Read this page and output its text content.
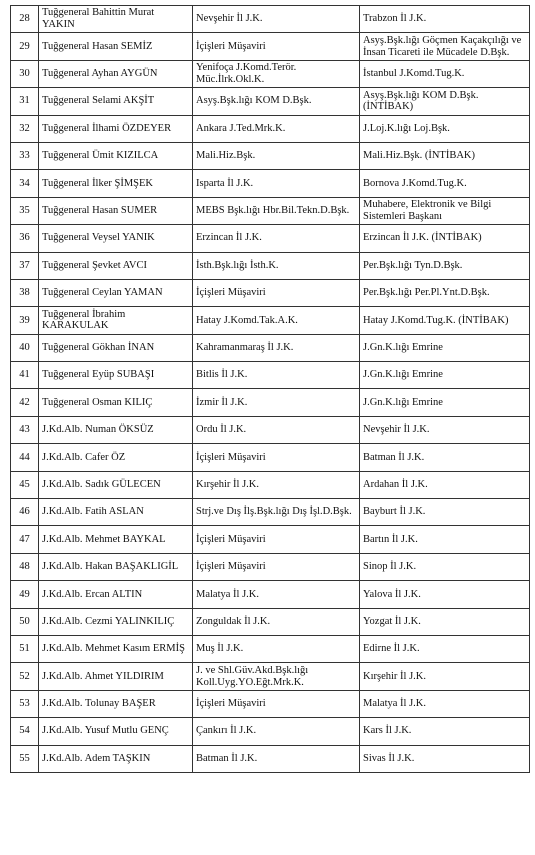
28	Tuğgeneral Bahittin Murat YAKIN	Nevşehir İl J.K.	Trabzon İl J.K.
29	Tuğgeneral Hasan SEMİZ	İçişleri Müşaviri	Asyş.Bşk.lığı Göçmen Kaçakçılığı ve İnsan Ticareti ile Mücadele D.Bşk.
30	Tuğgeneral Ayhan AYGÜN	Yenifoça J.Komd.Terör. Müc.İlrk.Okl.K.	İstanbul J.Komd.Tug.K.
31	Tuğgeneral Selami AKŞİT	Asyş.Bşk.lığı KOM D.Bşk.	Asyş.Bşk.lığı KOM D.Bşk. (İNTİBAK)
32	Tuğgeneral İlhami ÖZDEYER	Ankara J.Ted.Mrk.K.	J.Loj.K.lığı Loj.Bşk.
33	Tuğgeneral Ümit KIZILCA	Mali.Hiz.Bşk.	Mali.Hiz.Bşk. (İNTİBAK)
34	Tuğgeneral İlker ŞİMŞEK	Isparta İl J.K.	Bornova J.Komd.Tug.K.
35	Tuğgeneral Hasan SUMER	MEBS Bşk.lığı Hbr.Bil.Tekn.D.Bşk.	Muhabere, Elektronik ve Bilgi Sistemleri Başkanı
36	Tuğgeneral Veysel YANIK	Erzincan İl J.K.	Erzincan İl J.K. (İNTİBAK)
37	Tuğgeneral Şevket AVCI	İsth.Bşk.lığı İsth.K.	Per.Bşk.lığı Tyn.D.Bşk.
38	Tuğgeneral Ceylan YAMAN	İçişleri Müşaviri	Per.Bşk.lığı Per.Pl.Ynt.D.Bşk.
39	Tuğgeneral İbrahim KARAKULAK	Hatay J.Komd.Tak.A.K.	Hatay J.Komd.Tug.K. (İNTİBAK)
40	Tuğgeneral Gökhan İNAN	Kahramanmaraş İl J.K.	J.Gn.K.lığı Emrine
41	Tuğgeneral Eyüp SUBAŞI	Bitlis İl J.K.	J.Gn.K.lığı Emrine
42	Tuğgeneral Osman KILIÇ	İzmir İl J.K.	J.Gn.K.lığı Emrine
43	J.Kd.Alb. Numan ÖKSÜZ	Ordu İl J.K.	Nevşehir İl J.K.
44	J.Kd.Alb. Cafer ÖZ	İçişleri Müşaviri	Batman İl J.K.
45	J.Kd.Alb. Sadık GÜLECEN	Kırşehir İl J.K.	Ardahan İl J.K.
46	J.Kd.Alb. Fatih ASLAN	Strj.ve Dış İlş.Bşk.lığı Dış İşl.D.Bşk.	Bayburt İl J.K.
47	J.Kd.Alb. Mehmet BAYKAL	İçişleri Müşaviri	Bartın İl J.K.
48	J.Kd.Alb. Hakan BAŞAKLIGİL	İçişleri Müşaviri	Sinop İl J.K.
49	J.Kd.Alb. Ercan ALTIN	Malatya İl J.K.	Yalova İl J.K.
50	J.Kd.Alb. Cezmi YALINKILIÇ	Zonguldak İl J.K.	Yozgat İl J.K.
51	J.Kd.Alb. Mehmet Kasım ERMİŞ	Muş İl J.K.	Edirne İl J.K.
52	J.Kd.Alb. Ahmet YILDIRIM	J. ve Shl.Güv.Akd.Bşk.lığı Koll.Uyg.YO.Eğt.Mrk.K.	Kırşehir İl J.K.
53	J.Kd.Alb. Tolunay BAŞER	İçişleri Müşaviri	Malatya İl J.K.
54	J.Kd.Alb. Yusuf Mutlu GENÇ	Çankırı İl J.K.	Kars İl J.K.
55	J.Kd.Alb. Adem TAŞKIN	Batman İl J.K.	Sivas İl J.K.
